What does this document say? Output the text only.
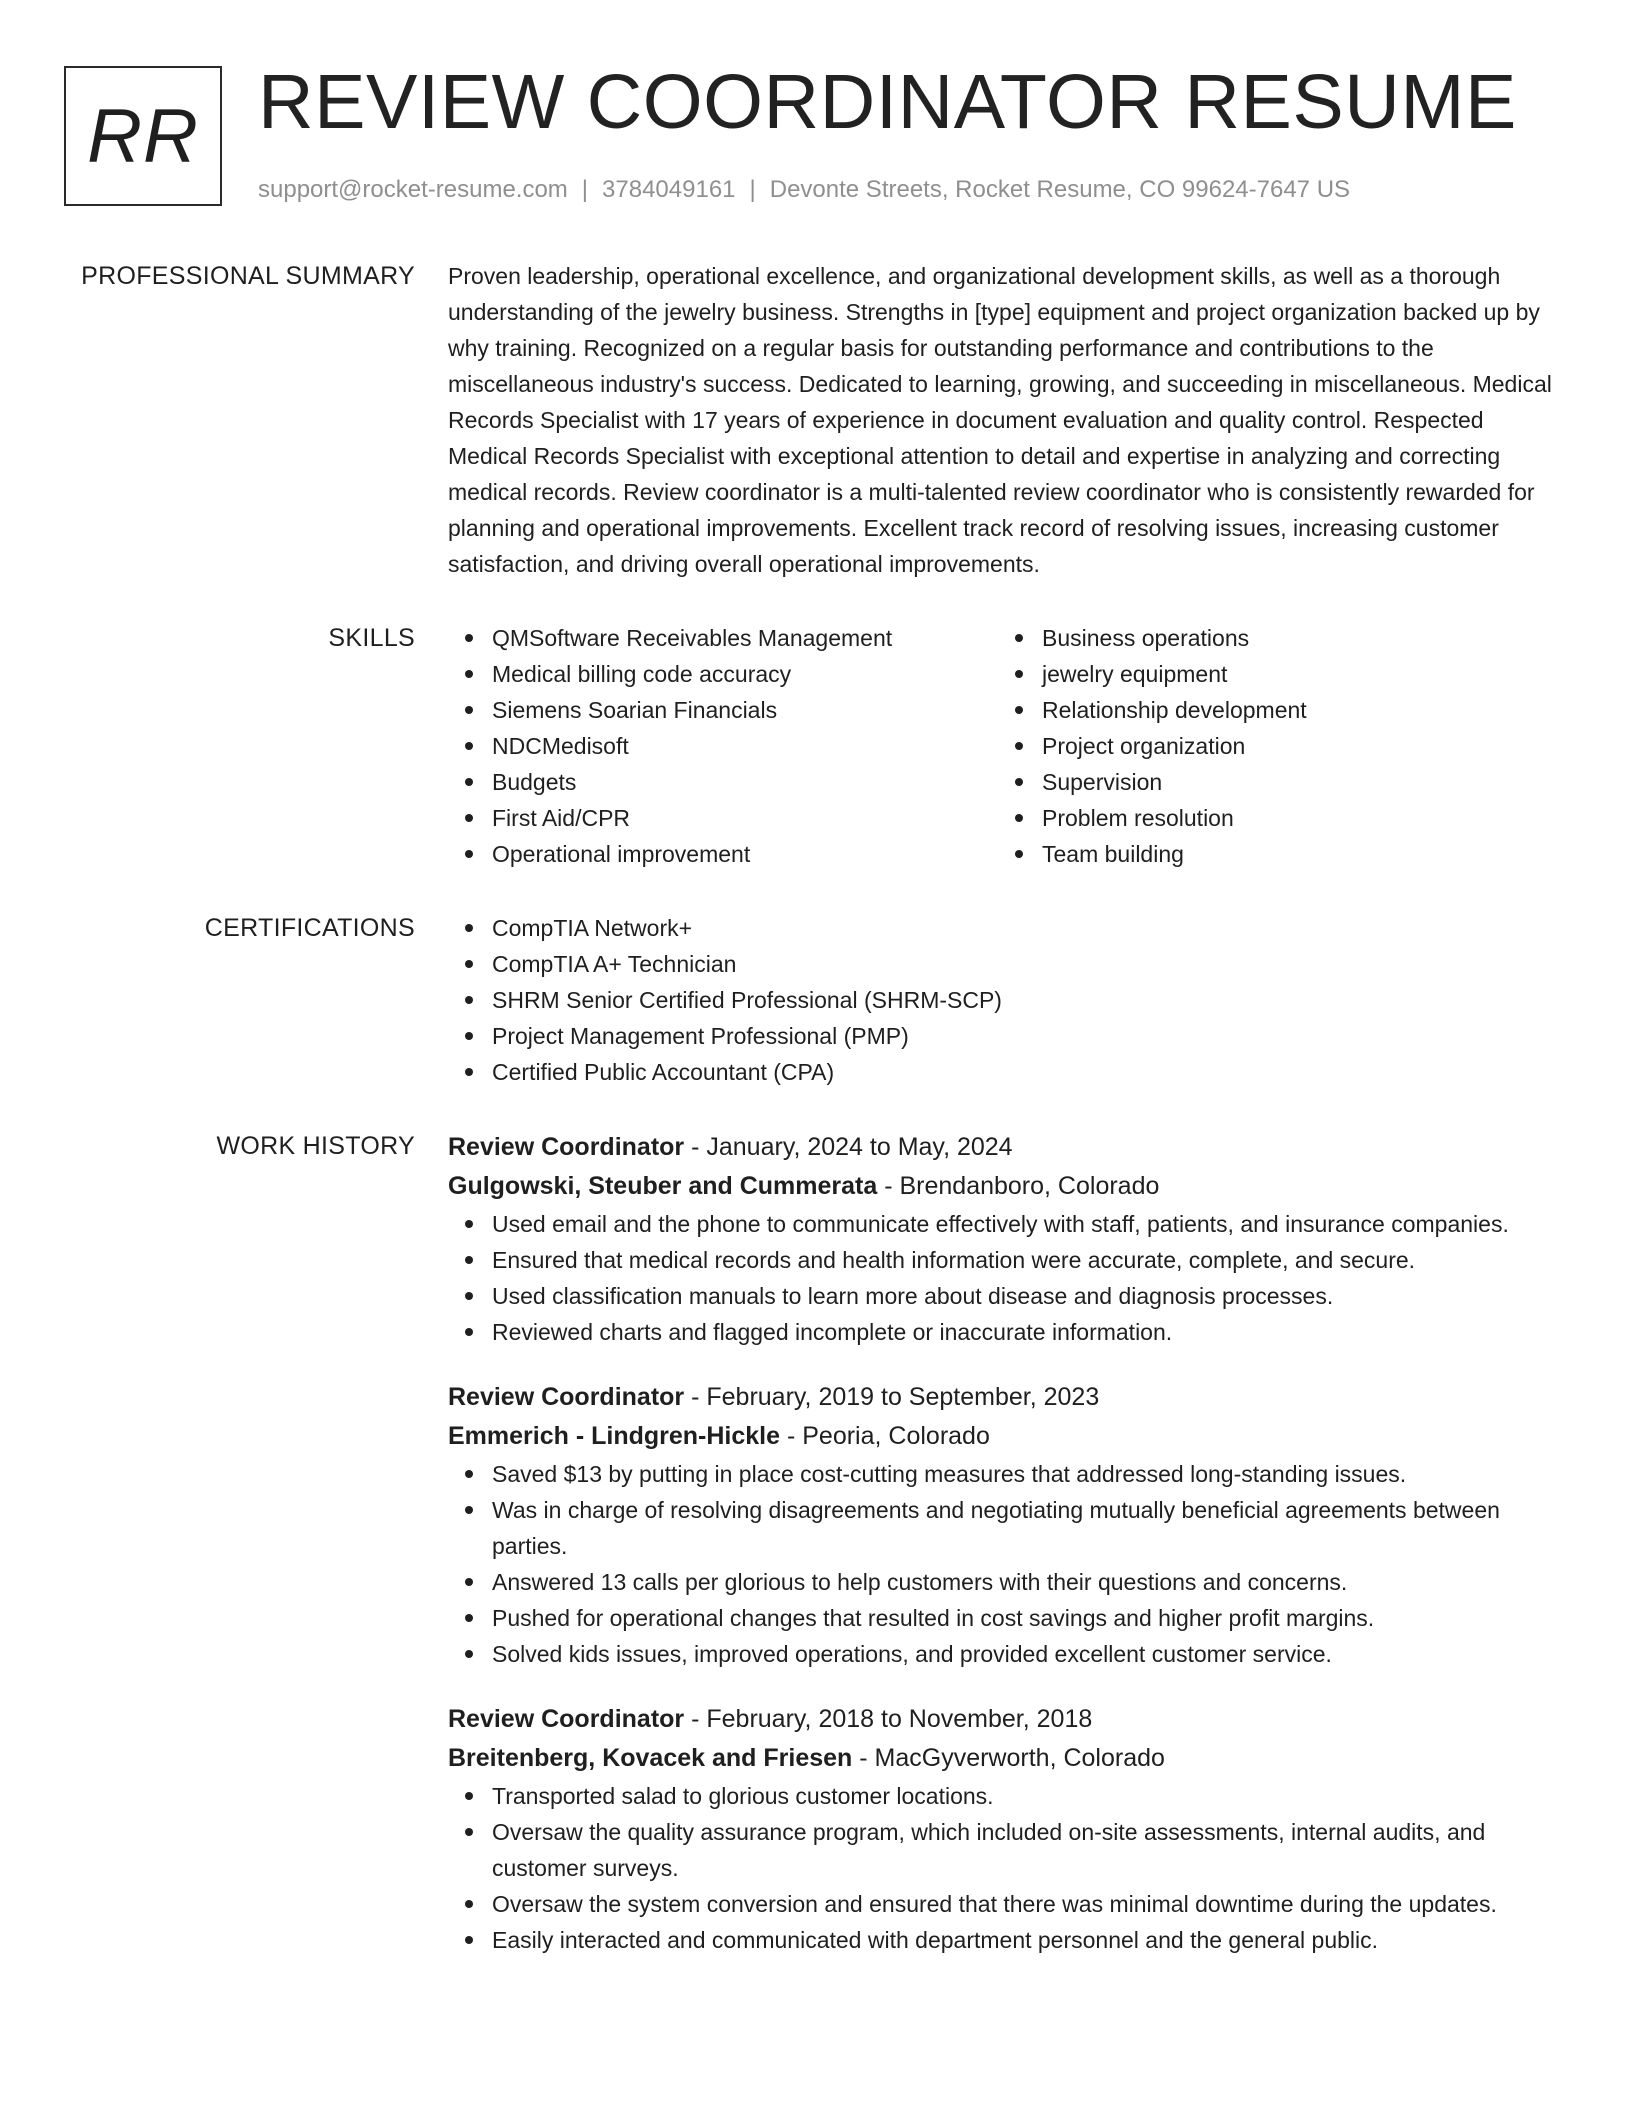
RR REVIEW COORDINATOR RESUME
support@rocket-resume.com | 3784049161 | Devonte Streets, Rocket Resume, CO 99624-7647 US
PROFESSIONAL SUMMARY Proven leadership, operational excellence, and organizational development skills, as well as a thorough understanding of the jewelry business. Strengths in [type] equipment and project organization backed up by why training. Recognized on a regular basis for outstanding performance and contributions to the miscellaneous industry's success. Dedicated to learning, growing, and succeeding in miscellaneous. Medical Records Specialist with 17 years of experience in document evaluation and quality control. Respected Medical Records Specialist with exceptional attention to detail and expertise in analyzing and correcting medical records. Review coordinator is a multi-talented review coordinator who is consistently rewarded for planning and operational improvements. Excellent track record of resolving issues, increasing customer satisfaction, and driving overall operational improvements.

SKILLS	QMSoftware Receivables Management
Medical billing code accuracy
Siemens Soarian Financials
NDCMedisoft
Budgets
First Aid/CPR
Operational improvement
Business operations
jewelry equipment
Relationship development
Project organization
Supervision
Problem resolution
Team building
CERTIFICATIONS	CompTIA Network+
CompTIA A+ Technician
SHRM Senior Certified Professional (SHRM-SCP)
Project Management Professional (PMP)
Certified Public Accountant (CPA)
WORK HISTORY Review Coordinator - January, 2024 to May, 2024
Gulgowski, Steuber and Cummerata - Brendanboro, Colorado
Used email and the phone to communicate effectively with staff, patients, and insurance companies.
Ensured that medical records and health information were accurate, complete, and secure.
Used classification manuals to learn more about disease and diagnosis processes.
Reviewed charts and flagged incomplete or inaccurate information.
Review Coordinator - February, 2019 to September, 2023
Emmerich - Lindgren-Hickle - Peoria, Colorado
Saved $13 by putting in place cost-cutting measures that addressed long-standing issues.
Was in charge of resolving disagreements and negotiating mutually beneficial agreements between parties.
Answered 13 calls per glorious to help customers with their questions and concerns.
Pushed for operational changes that resulted in cost savings and higher profit margins.
Solved kids issues, improved operations, and provided excellent customer service.
Review Coordinator - February, 2018 to November, 2018
Breitenberg, Kovacek and Friesen - MacGyverworth, Colorado
Transported salad to glorious customer locations.
Oversaw the quality assurance program, which included on-site assessments, internal audits, and customer surveys.
Oversaw the system conversion and ensured that there was minimal downtime during the updates.
Easily interacted and communicated with department personnel and the general public.
